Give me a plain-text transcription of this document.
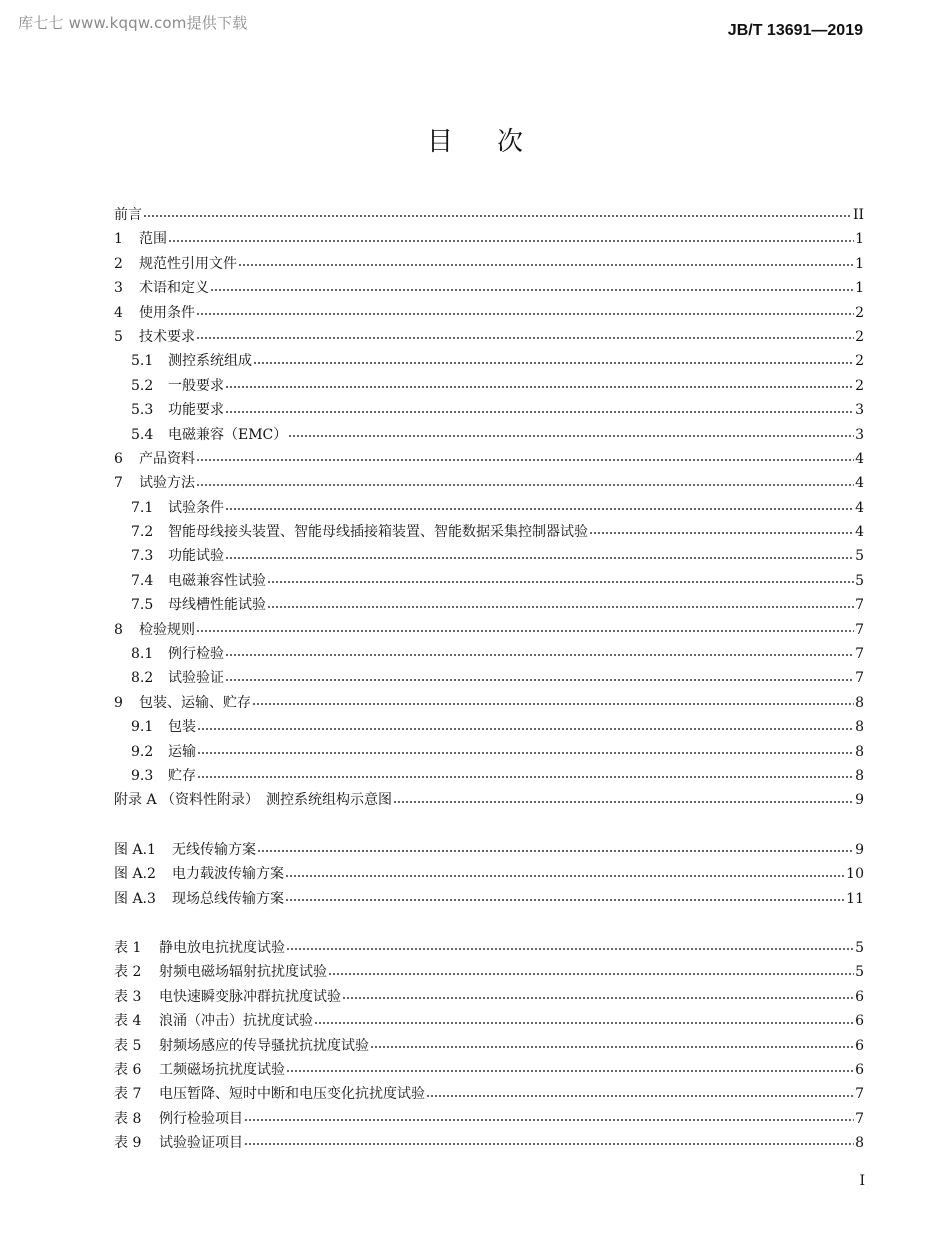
库七七 www.kqqw.com提供下载	JB/T 13691—2019
目次
前言	II
1	范围	1
2	规范性引用文件	1
3	术语和定义	1
4	使用条件	2
5	技术要求	2
5.1	测控系统组成	2
5.2	一般要求	2
5.3	功能要求	3
5.4	电磁兼容（EMC）	3
6	产品资料	4
7	试验方法	4
7.1	试验条件	4
7.2	智能母线接头装置、智能母线插接箱装置、智能数据采集控制器试验	4
7.3	功能试验	5
7.4	电磁兼容性试验	5
7.5	母线槽性能试验	7
8	检验规则	7
8.1	例行检验	7
8.2	试验验证	7
9	包装、运输、贮存	8
9.1	包装	8
9.2	运输	8
9.3	贮存	8
附录 A （资料性附录）　测控系统组构示意图	9
图 A.1	无线传输方案	9
图 A.2	电力载波传输方案	10
图 A.3	现场总线传输方案	11
表 1	静电放电抗扰度试验	5
表 2	射频电磁场辐射抗扰度试验	5
表 3	电快速瞬变脉冲群抗扰度试验	6
表 4	浪涌（冲击）抗扰度试验	6
表 5	射频场感应的传导骚扰抗扰度试验	6
表 6	工频磁场抗扰度试验	6
表 7	电压暂降、短时中断和电压变化抗扰度试验	7
表 8	例行检验项目	7
表 9	试验验证项目	8
I
